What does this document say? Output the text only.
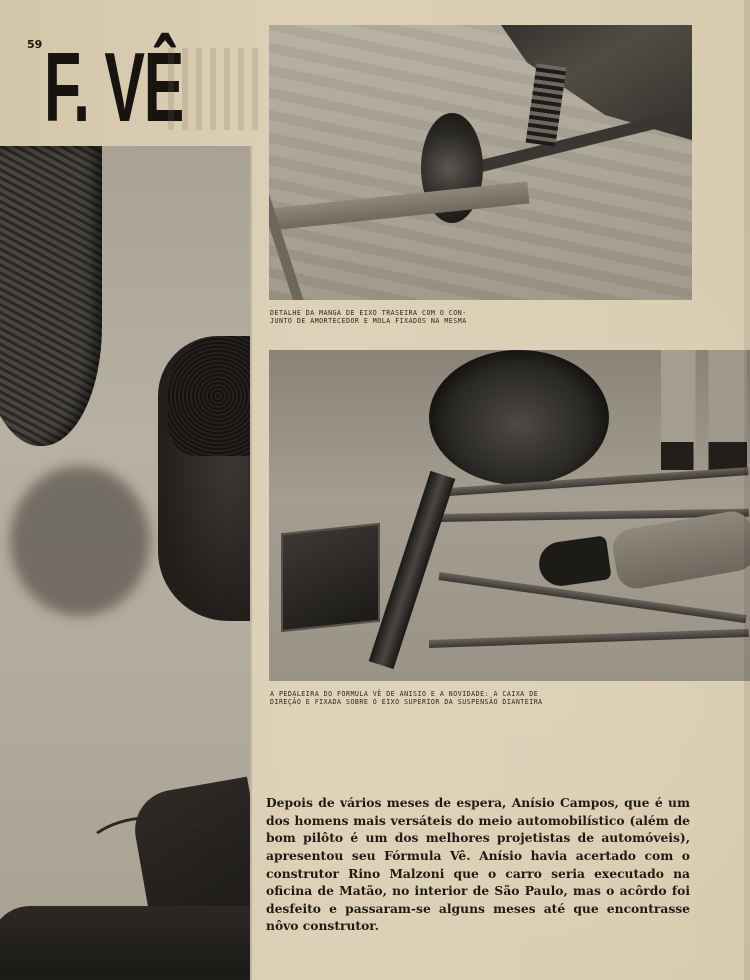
59 F. VÊ
DETALHE DA MANGA DE EIXO TRASEIRA COM O CON-
JUNTO DE AMORTECEDOR E MOLA FIXADOS NA MESMA
A PEDALEIRA DO FORMULA VÊ DE ANISIO E A NOVIDADE: A CAIXA DE
DIREÇÃO E FIXADA SOBRE O EIXO SUPERIOR DA SUSPENSÃO DIANTEIRA

Depois de vários meses de espera, Anísio Campos, que é um dos homens mais versáteis do meio automobilístico (além de bom pilôto é um dos melhores projetistas de automóveis), apresentou seu Fórmula Vê. Anísio havia acertado com o construtor Rino Malzoni que o carro seria executado na oficina de Matão, no interior de São Paulo, mas o acôrdo foi desfeito e passaram-se alguns meses até que encontrasse nôvo construtor.
